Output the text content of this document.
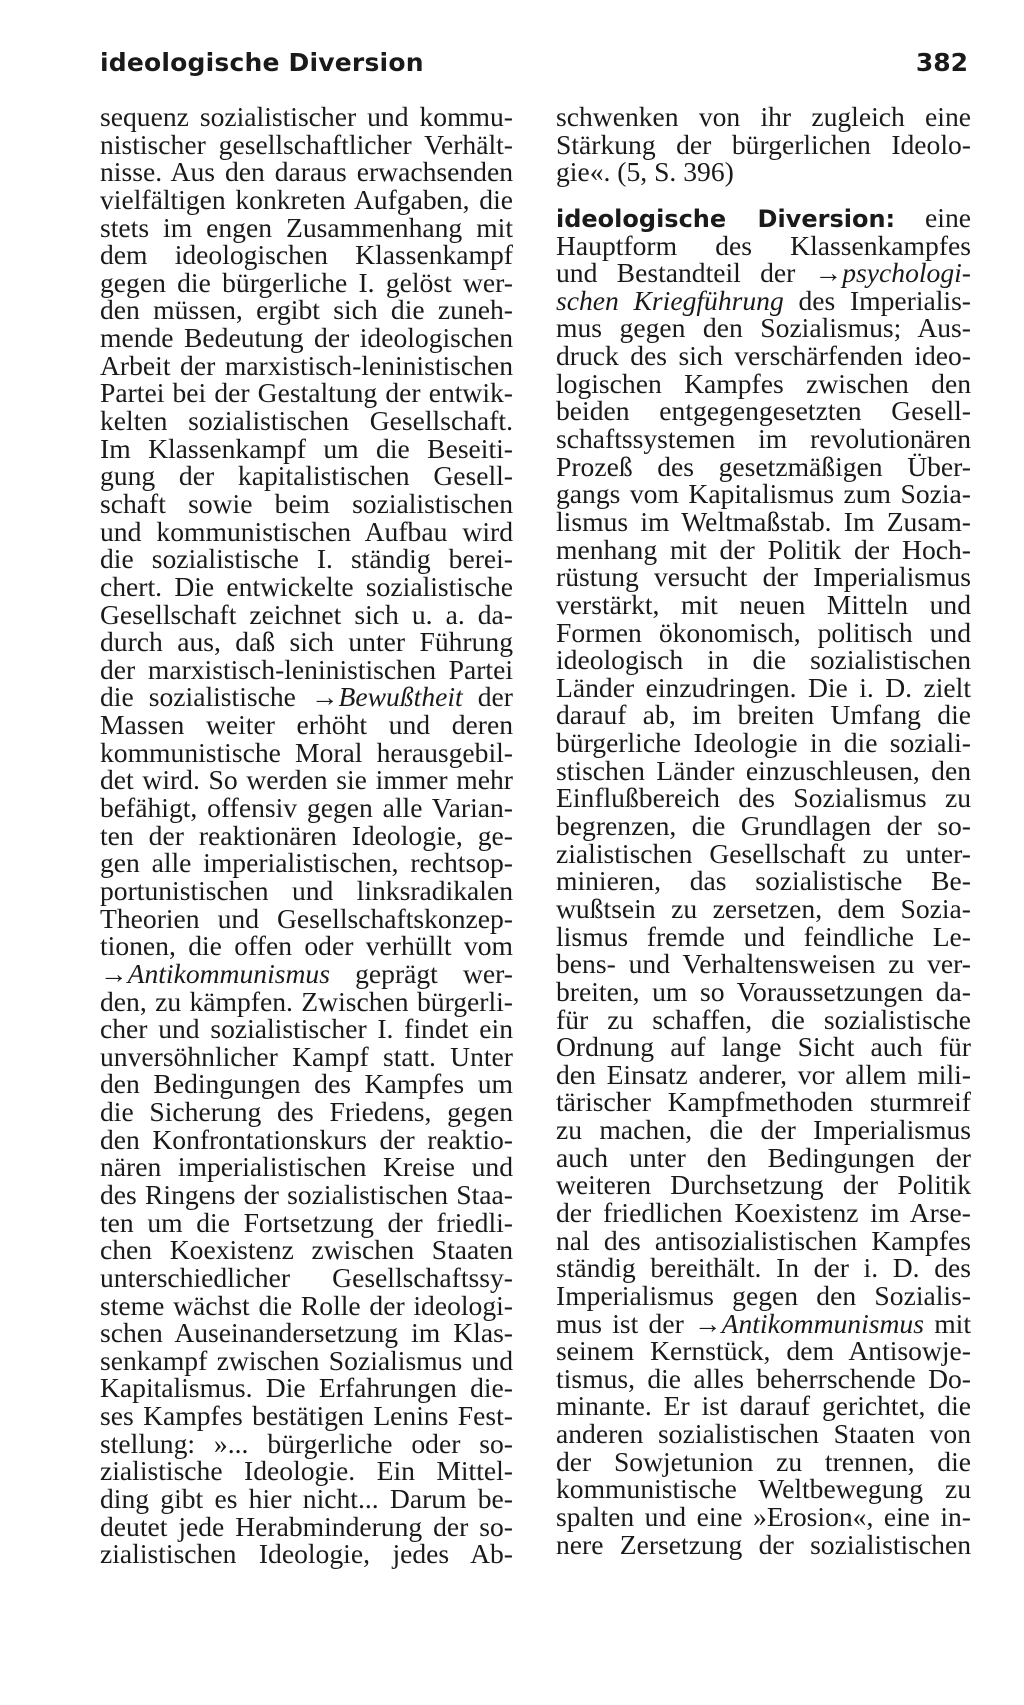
ideologische Diversion	382
sequenz sozialistischer und kommu-
nistischer gesellschaftlicher Verhält-
nisse. Aus den daraus erwachsenden
vielfältigen konkreten Aufgaben, die
stets im engen Zusammenhang mit
dem ideologischen Klassenkampf
gegen die bürgerliche I. gelöst wer-
den müssen, ergibt sich die zuneh-
mende Bedeutung der ideologischen
Arbeit der marxistisch-leninistischen
Partei bei der Gestaltung der entwik-
kelten sozialistischen Gesellschaft.
Im Klassenkampf um die Beseiti-
gung der kapitalistischen Gesell-
schaft sowie beim sozialistischen
und kommunistischen Aufbau wird
die sozialistische I. ständig berei-
chert. Die entwickelte sozialistische
Gesellschaft zeichnet sich u. a. da-
durch aus, daß sich unter Führung
der marxistisch-leninistischen Partei
die sozialistische →Bewußtheit der
Massen weiter erhöht und deren
kommunistische Moral herausgebil-
det wird. So werden sie immer mehr
befähigt, offensiv gegen alle Varian-
ten der reaktionären Ideologie, ge-
gen alle imperialistischen, rechtsop-
portunistischen und linksradikalen
Theorien und Gesellschaftskonzep-
tionen, die offen oder verhüllt vom
→Antikommunismus geprägt wer-
den, zu kämpfen. Zwischen bürgerli-
cher und sozialistischer I. findet ein
unversöhnlicher Kampf statt. Unter
den Bedingungen des Kampfes um
die Sicherung des Friedens, gegen
den Konfrontationskurs der reaktio-
nären imperialistischen Kreise und
des Ringens der sozialistischen Staa-
ten um die Fortsetzung der friedli-
chen Koexistenz zwischen Staaten
unterschiedlicher Gesellschaftssy-
steme wächst die Rolle der ideologi-
schen Auseinandersetzung im Klas-
senkampf zwischen Sozialismus und
Kapitalismus. Die Erfahrungen die-
ses Kampfes bestätigen Lenins Fest-
stellung: »... bürgerliche oder so-
zialistische Ideologie. Ein Mittel-
ding gibt es hier nicht... Darum be-
deutet jede Herabminderung der so-
zialistischen Ideologie, jedes Ab-
schwenken von ihr zugleich eine
Stärkung der bürgerlichen Ideolo-
gie«. (5, S. 396)
ideologische Diversion: eine
Hauptform des Klassenkampfes
und Bestandteil der →psychologi-
schen Kriegführung des Imperialis-
mus gegen den Sozialismus; Aus-
druck des sich verschärfenden ideo-
logischen Kampfes zwischen den
beiden entgegengesetzten Gesell-
schaftssystemen im revolutionären
Prozeß des gesetzmäßigen Über-
gangs vom Kapitalismus zum Sozia-
lismus im Weltmaßstab. Im Zusam-
menhang mit der Politik der Hoch-
rüstung versucht der Imperialismus
verstärkt, mit neuen Mitteln und
Formen ökonomisch, politisch und
ideologisch in die sozialistischen
Länder einzudringen. Die i. D. zielt
darauf ab, im breiten Umfang die
bürgerliche Ideologie in die soziali-
stischen Länder einzuschleusen, den
Einflußbereich des Sozialismus zu
begrenzen, die Grundlagen der so-
zialistischen Gesellschaft zu unter-
minieren, das sozialistische Be-
wußtsein zu zersetzen, dem Sozia-
lismus fremde und feindliche Le-
bens- und Verhaltensweisen zu ver-
breiten, um so Voraussetzungen da-
für zu schaffen, die sozialistische
Ordnung auf lange Sicht auch für
den Einsatz anderer, vor allem mili-
tärischer Kampfmethoden sturmreif
zu machen, die der Imperialismus
auch unter den Bedingungen der
weiteren Durchsetzung der Politik
der friedlichen Koexistenz im Arse-
nal des antisozialistischen Kampfes
ständig bereithält. In der i. D. des
Imperialismus gegen den Sozialis-
mus ist der →Antikommunismus mit
seinem Kernstück, dem Antisowje-
tismus, die alles beherrschende Do-
minante. Er ist darauf gerichtet, die
anderen sozialistischen Staaten von
der Sowjetunion zu trennen, die
kommunistische Weltbewegung zu
spalten und eine »Erosion«, eine in-
nere Zersetzung der sozialistischen
